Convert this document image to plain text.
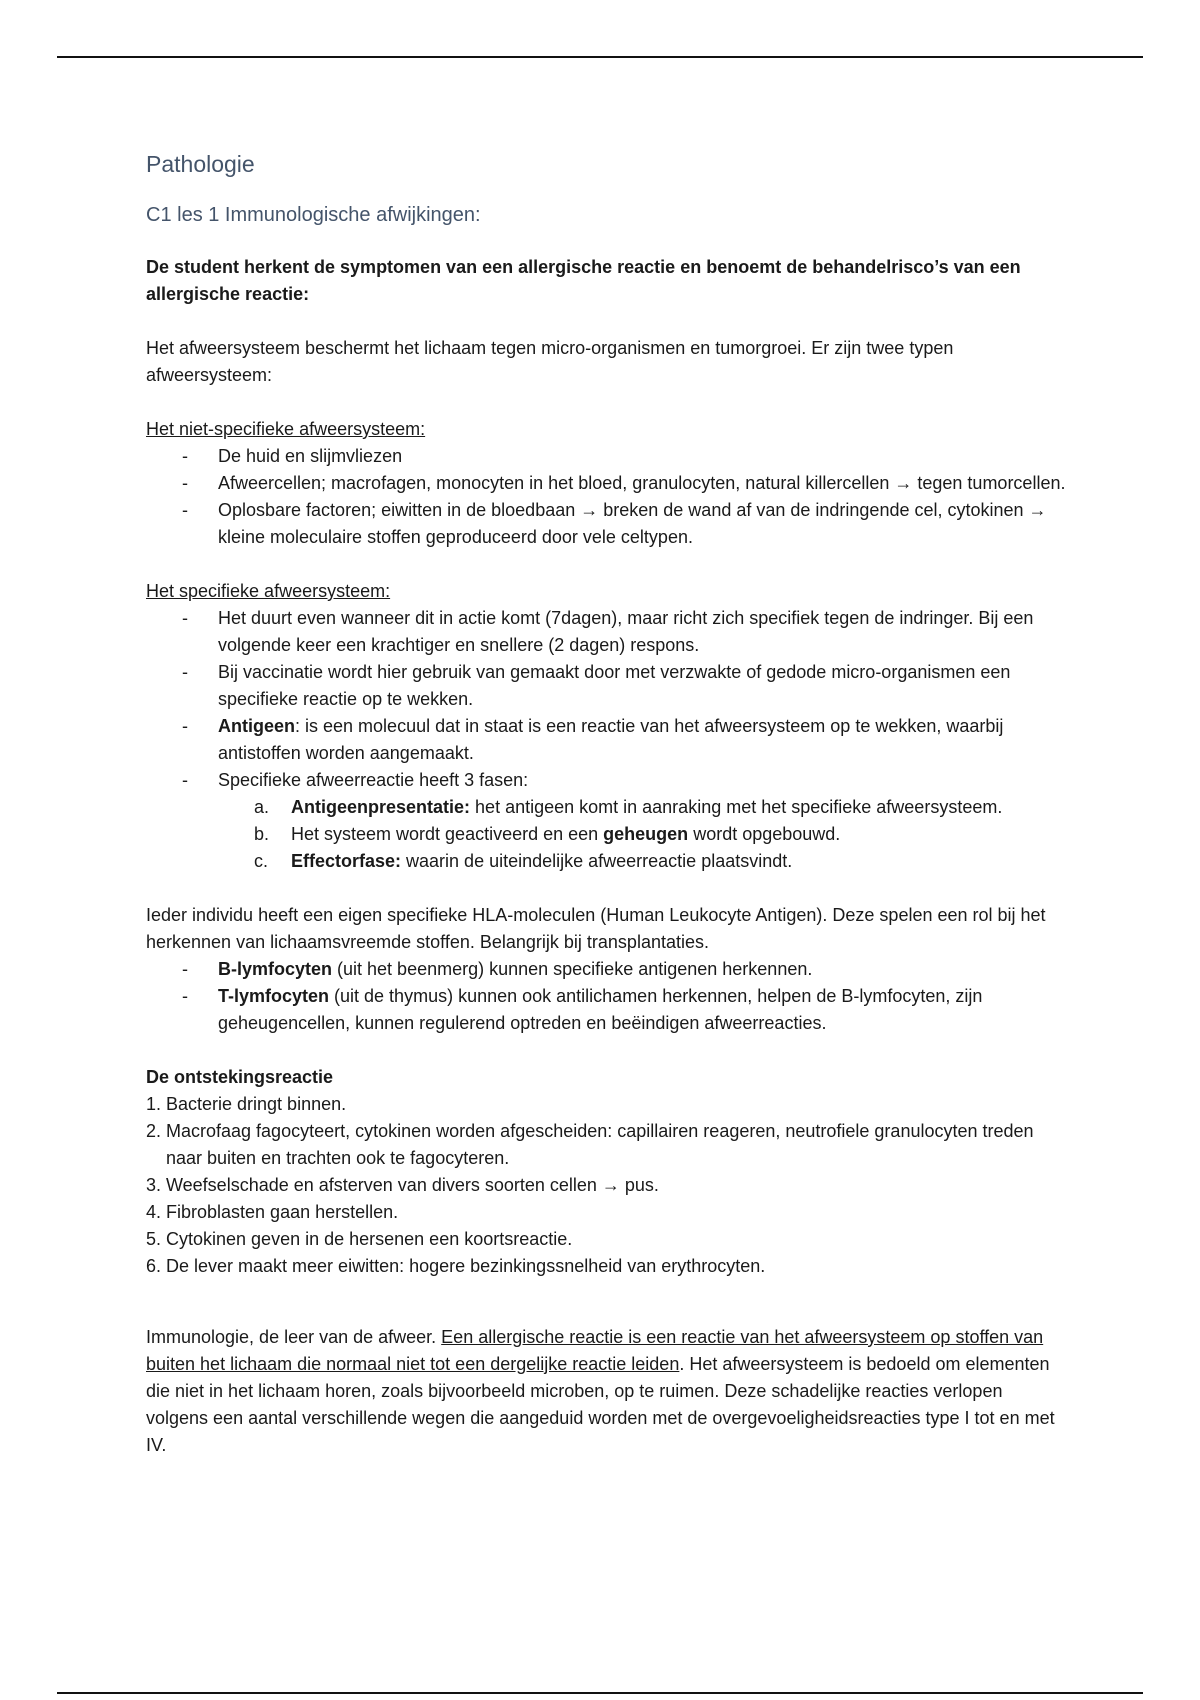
Pathologie
C1 les 1 Immunologische afwijkingen:

De student herkent de symptomen van een allergische reactie en benoemt de behandelrisco’s van een allergische reactie:

Het afweersysteem beschermt het lichaam tegen micro-organismen en tumorgroei. Er zijn twee typen afweersysteem:

Het niet-specifieke afweersysteem:

- De huid en slijmvliezen
- Afweercellen; macrofagen, monocyten in het bloed, granulocyten, natural killercellen → tegen tumorcellen.
- Oplosbare factoren; eiwitten in de bloedbaan → breken de wand af van de indringende cel, cytokinen → kleine moleculaire stoffen geproduceerd door vele celtypen.

Het specifieke afweersysteem:

- Het duurt even wanneer dit in actie komt (7dagen), maar richt zich specifiek tegen de indringer. Bij een volgende keer een krachtiger en snellere (2 dagen) respons.
- Bij vaccinatie wordt hier gebruik van gemaakt door met verzwakte of gedode micro-organismen een specifieke reactie op te wekken.
- Antigeen: is een molecuul dat in staat is een reactie van het afweersysteem op te wekken, waarbij antistoffen worden aangemaakt.
- Specifieke afweerreactie heeft 3 fasen:
a. Antigeenpresentatie: het antigeen komt in aanraking met het specifieke afweersysteem.
b. Het systeem wordt geactiveerd en een geheugen wordt opgebouwd.
c. Effectorfase: waarin de uiteindelijke afweerreactie plaatsvindt.

Ieder individu heeft een eigen specifieke HLA-moleculen (Human Leukocyte Antigen). Deze spelen een rol bij het herkennen van lichaamsvreemde stoffen. Belangrijk bij transplantaties.

- B-lymfocyten (uit het beenmerg) kunnen specifieke antigenen herkennen.
- T-lymfocyten (uit de thymus) kunnen ook antilichamen herkennen, helpen de B-lymfocyten, zijn geheugencellen, kunnen regulerend optreden en beëindigen afweerreacties.

De ontstekingsreactie

1. Bacterie dringt binnen.
2. Macrofaag fagocyteert, cytokinen worden afgescheiden: capillairen reageren, neutrofiele granulocyten treden naar buiten en trachten ook te fagocyteren.
3. Weefselschade en afsterven van divers soorten cellen → pus.
4. Fibroblasten gaan herstellen.
5. Cytokinen geven in de hersenen een koortsreactie.
6. De lever maakt meer eiwitten: hogere bezinkingssnelheid van erythrocyten.

Immunologie, de leer van de afweer. Een allergische reactie is een reactie van het afweersysteem op stoffen van buiten het lichaam die normaal niet tot een dergelijke reactie leiden. Het afweersysteem is bedoeld om elementen die niet in het lichaam horen, zoals bijvoorbeeld microben, op te ruimen. Deze schadelijke reacties verlopen volgens een aantal verschillende wegen die aangeduid worden met de overgevoeligheidsreacties type I tot en met IV.
